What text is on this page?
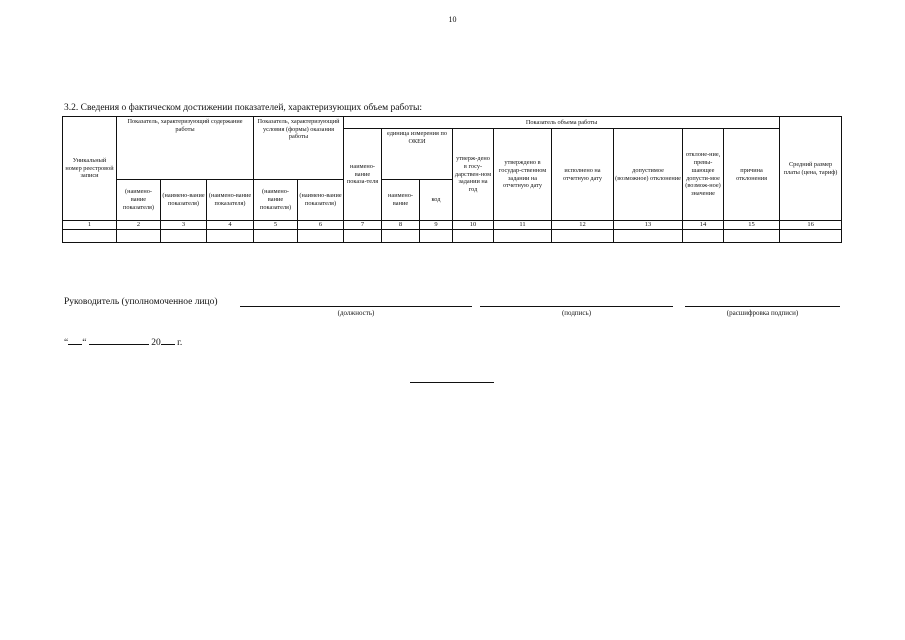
10
3.2. Сведения о фактическом достижении показателей, характеризующих объем работы:
Уникальный номер реестровой записи	Показатель, характеризующий содержание работы			Показатель, характеризующий условия (формы) оказания работы		Показатель объема работы									Средний размер платы (цена, тариф)
						наимено-вание показа-теля	единица измерения по ОКЕИ		утверж-дено в госу-дарствен-ном задании на год	утверждено в государ-ственном задании на отчетную дату	исполнено на отчетную дату	допустимое (возможное) отклонение	отклоне-ние, превы-шающее допусти-мое (возмож-ное) значение	причина отклонения	
	(наимено-вание показателя)	(наимено-вание показателя)	(наимено-вание показателя)	(наимено-вание показателя)	(наимено-вание показателя)		наимено-вание	код							
1	2	3	4	5	6	7	8	9	10	11	12	13	14	15	16

Руководитель (уполномоченное лицо)
(должность)	(подпись)	(расшифровка подписи)
“ “	20 г.
